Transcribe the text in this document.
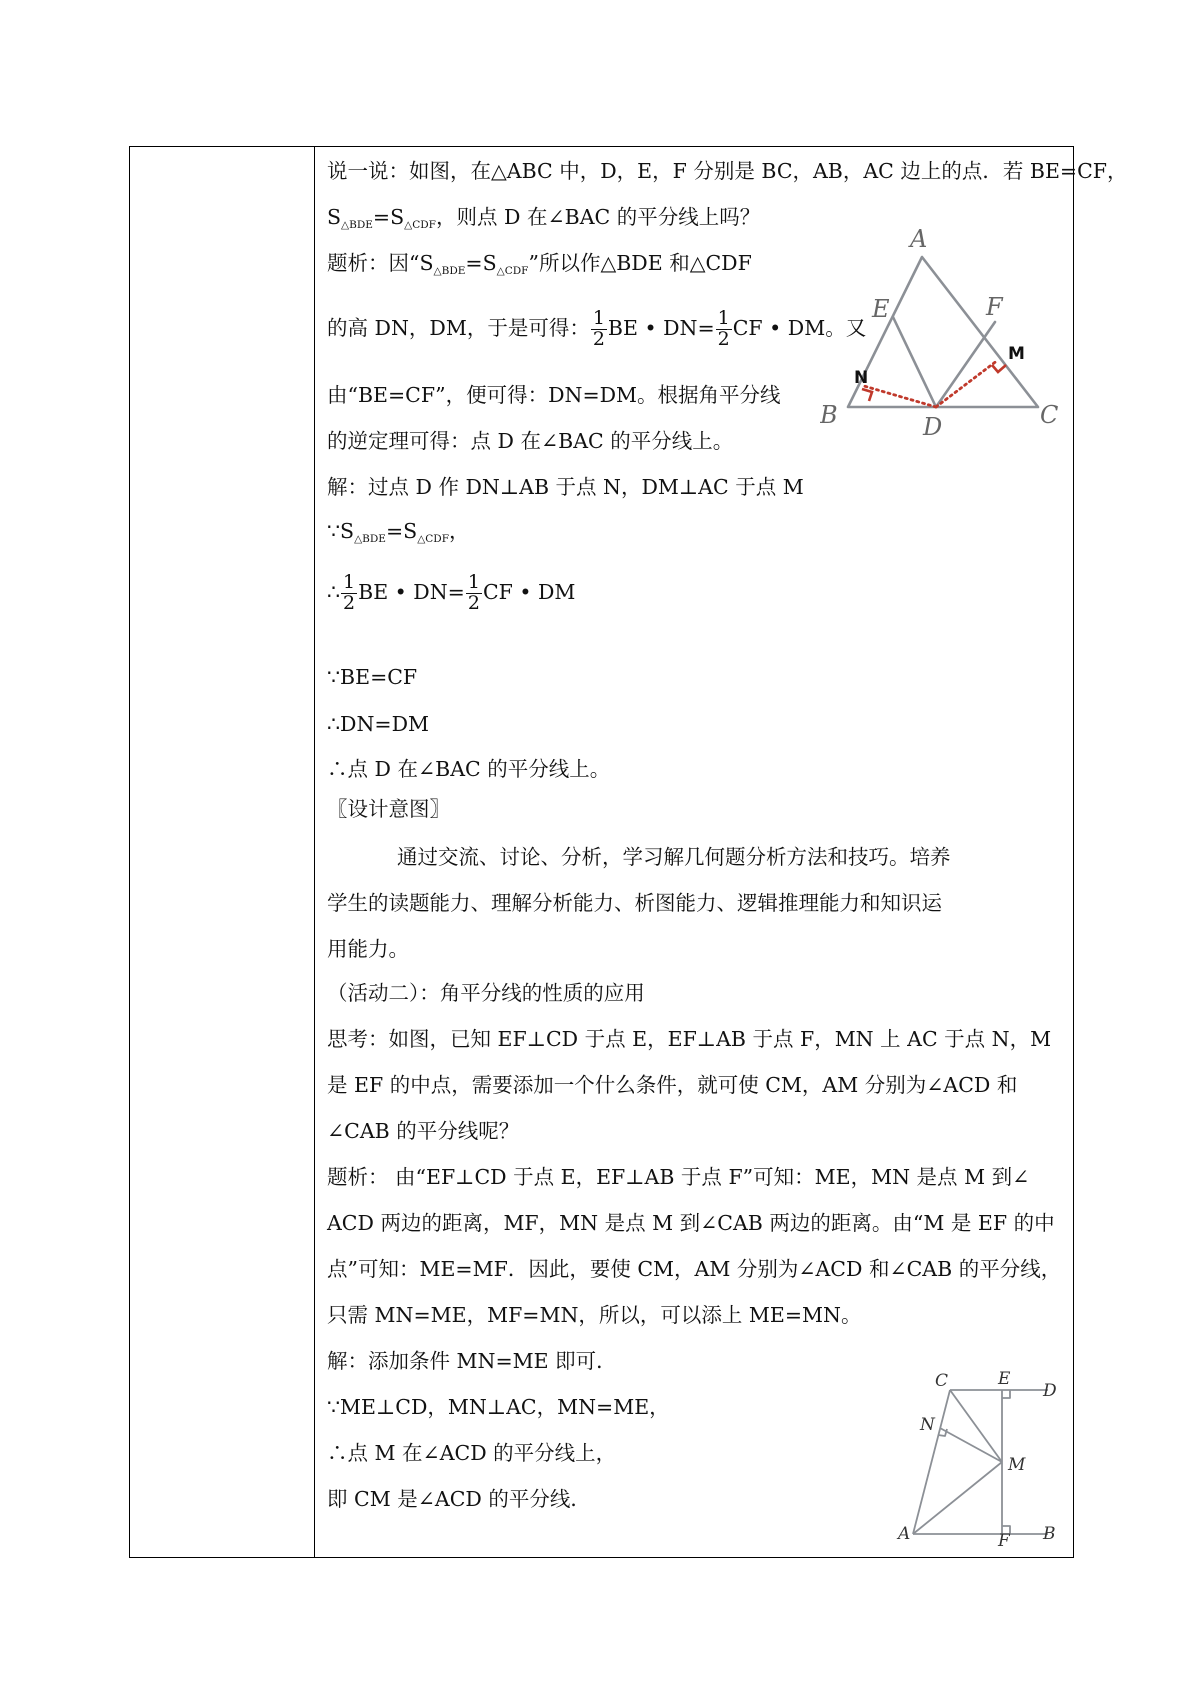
说一说：如图，在△ABC 中，D，E，F 分别是 BC，AB，AC 边上的点．若 BE=CF，
S△BDE=S△CDF，则点 D 在∠BAC 的平分线上吗？
题析：因“S△BDE=S△CDF”所以作△BDE 和△CDF
的高 DN，DM，于是可得： $\frac{1}{2}$ BE • $DN= \frac{1}{2}$ CF • DM。又
由“BE=CF”，便可得：DN=DM。根据角平分线
的逆定理可得：点 D 在∠BAC 的平分线上。
解：过点 D 作 DN⊥AB 于点 N，DM⊥AC 于点 M
∵S△BDE=S△CDF，
∴ $\frac{1}{2}$ BE • $DN= \frac{1}{2}$ CF • DM
∵BE=CF
∴DN=DM
∴点 D 在∠BAC 的平分线上。
〖设计意图〗
通过交流、讨论、分析，学习解几何题分析方法和技巧。培养
学生的读题能力、理解分析能力、析图能力、逻辑推理能力和知识运
用能力。
（活动二）：角平分线的性质的应用
思考：如图，已知 EF⊥CD 于点 E，EF⊥AB 于点 F，MN 上 AC 于点 N，M
是 EF 的中点，需要添加一个什么条件，就可使 CM，AM 分别为∠ACD 和
∠CAB 的平分线呢？
题析： 由“EF⊥CD 于点 E，EF⊥AB 于点 F”可知：ME，MN 是点 M 到∠
ACD 两边的距离，MF，MN 是点 M 到∠CAB 两边的距离。由“M 是 EF 的中
点”可知：ME=MF．因此，要使 CM，AM 分别为∠ACD 和∠CAB 的平分线，
只需 MN=ME，MF=MN，所以，可以添上 ME=MN。
解：添加条件 MN=ME 即可．
∵ME⊥CD，MN⊥AC，MN=ME，
∴点 M 在∠ACD 的平分线上，
即 CM 是∠ACD 的平分线．
A
B	C
D
E	F
M
N
C	E
D
N
M
A	F B
